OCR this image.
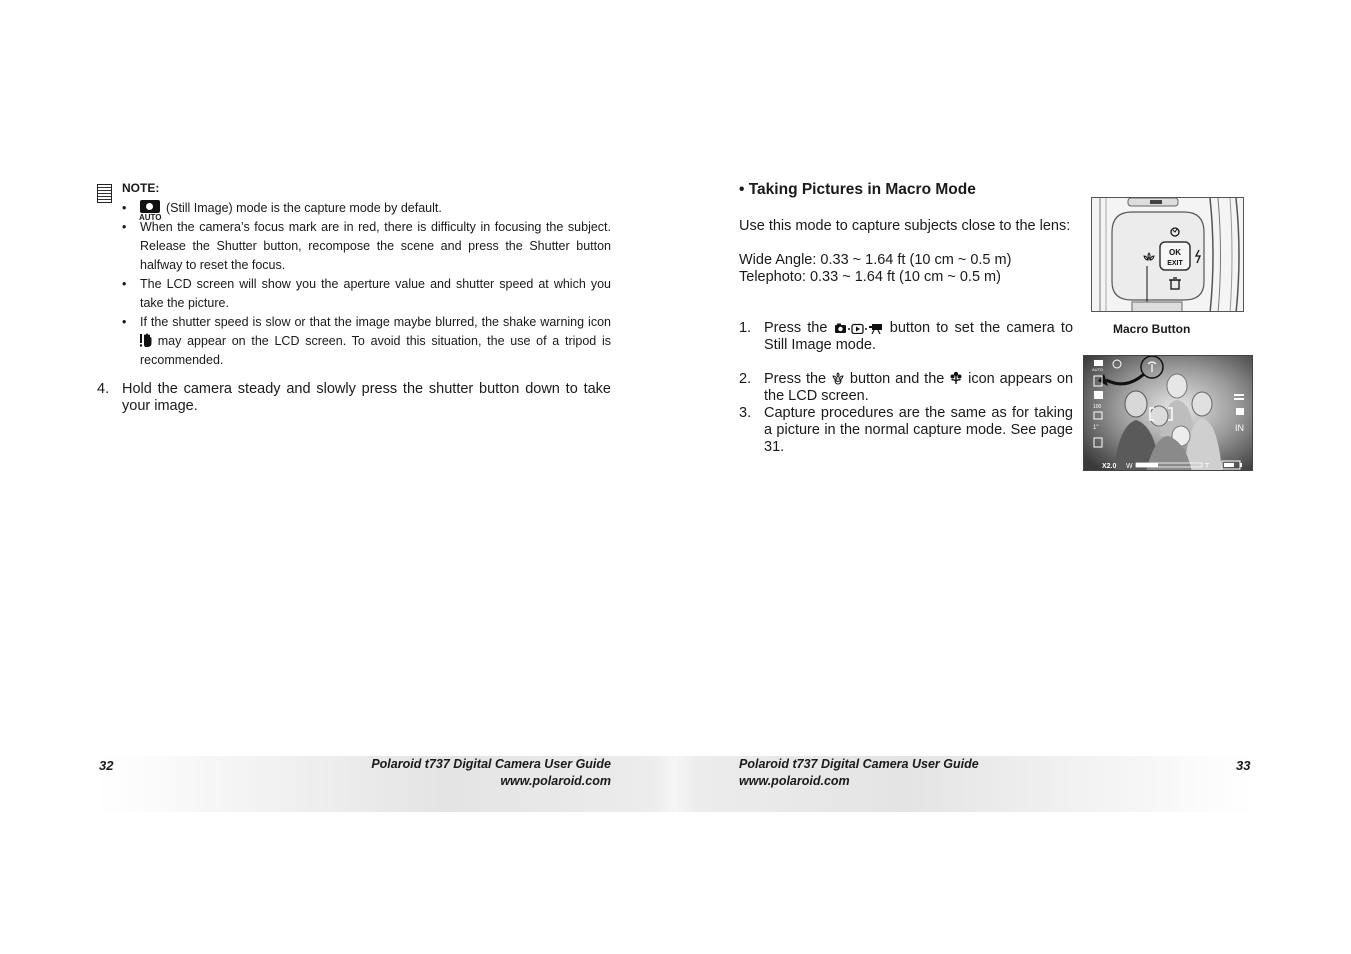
NOTE:
•
AUTO
(Still Image) mode is the capture mode by default.
• When the camera’s focus mark are in red, there is difficulty in focusing the subject. Release the Shutter button, recompose the scene and press the Shutter button halfway to reset the focus.
• The LCD screen will show you the aperture value and shutter speed at which you take the picture.
• If the shutter speed is slow or that the image maybe blurred, the shake warning icon  may appear on the LCD screen. To avoid this situation, the use of a tripod is recommended.
4. Hold the camera steady and slowly press the shutter button down to take your image.
• Taking Pictures in Macro Mode
Use this mode to capture subjects close to the lens:
Wide Angle: 0.33 ~ 1.64 ft (10 cm ~ 0.5 m)
Telephoto: 0.33 ~ 1.64 ft (10 cm ~ 0.5 m)
1. Press the	button to set the camera to Still Image mode.
2. Press the button and the icon appears on the LCD screen.
3. Capture procedures are the same as for taking a picture in the normal capture mode. See page 31.
OK
EXIT
Macro Button
AUTO
100
1"	IN
X2.0 W	T
32	Polaroid t737 Digital Camera User Guide
www.polaroid.com
Polaroid t737 Digital Camera User Guide
www.polaroid.com
33
